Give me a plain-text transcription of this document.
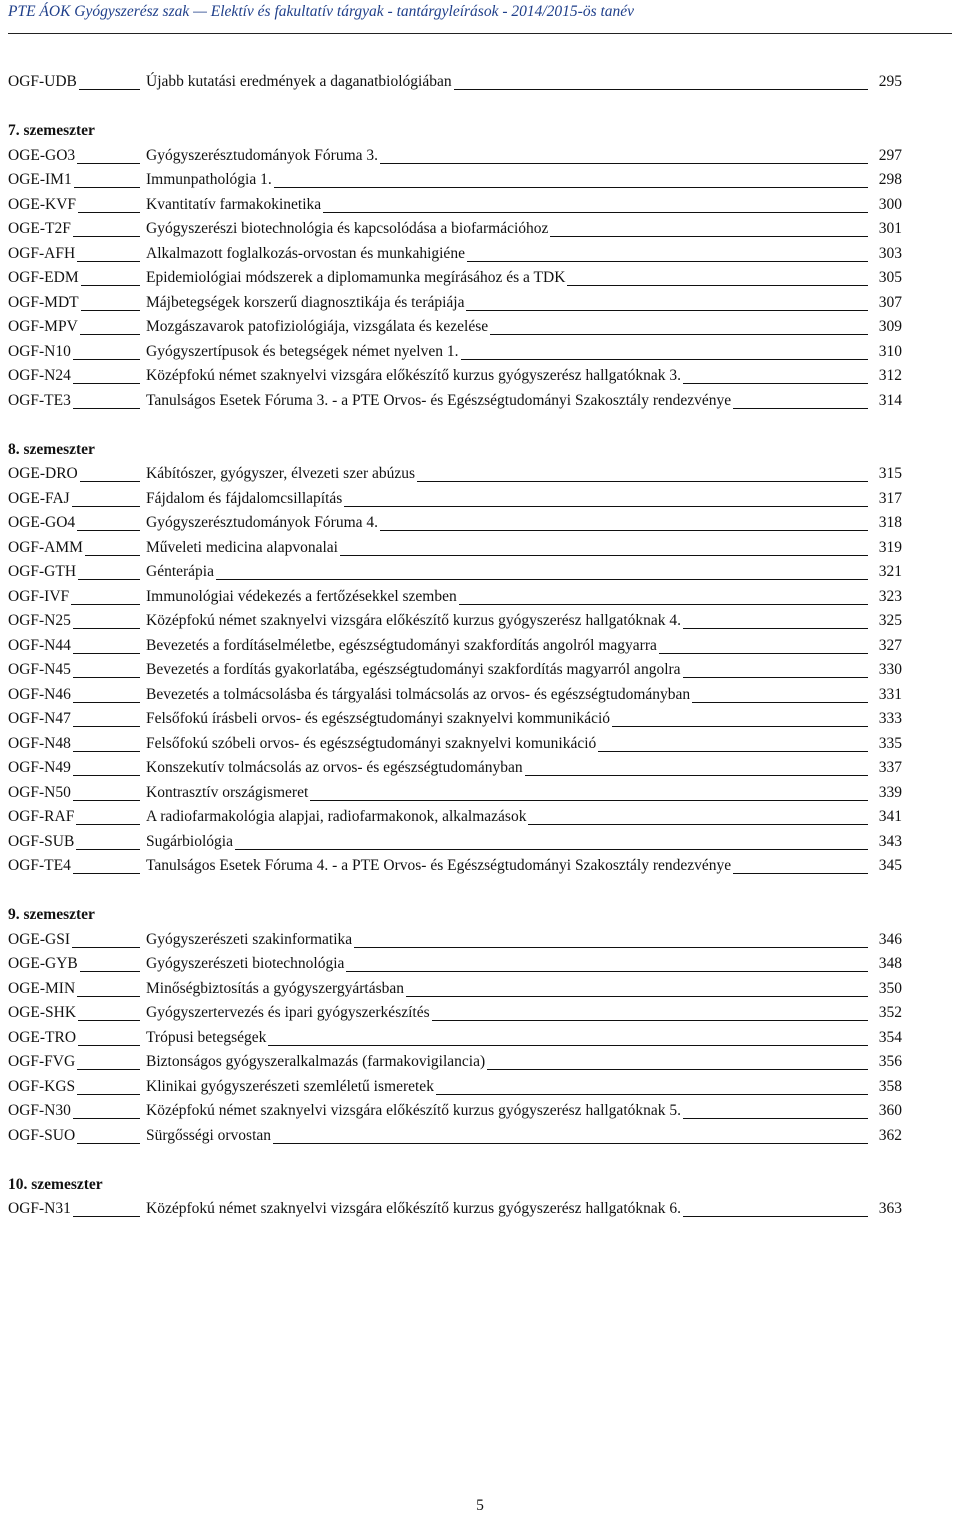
PTE ÁOK Gyógyszerész szak — Elektív és fakultatív tárgyak - tantárgyleírások - 2014/2015-ös tanév
OGF-UDB	Újabb kutatási eredmények a daganatbiológiában	295
7. szemeszter
OGE-GO3	Gyógyszerésztudományok Fóruma 3.	297
OGE-IM1	Immunpathológia 1.	298
OGE-KVF	Kvantitatív farmakokinetika	300
OGE-T2F	Gyógyszerészi biotechnológia és kapcsolódása a biofarmációhoz	301
OGF-AFH	Alkalmazott foglalkozás-orvostan és munkahigiéne	303
OGF-EDM	Epidemiológiai módszerek a diplomamunka megírásához és a TDK	305
OGF-MDT	Májbetegségek korszerű diagnosztikája és terápiája	307
OGF-MPV	Mozgászavarok patofiziológiája, vizsgálata és kezelése	309
OGF-N10	Gyógyszertípusok és betegségek német nyelven 1.	310
OGF-N24	Középfokú német szaknyelvi vizsgára előkészítő kurzus gyógyszerész hallgatóknak 3.	312
OGF-TE3	Tanulságos Esetek Fóruma 3. - a PTE Orvos- és Egészségtudományi Szakosztály rendezvénye	314
8. szemeszter
OGE-DRO	Kábítószer, gyógyszer, élvezeti szer abúzus	315
OGE-FAJ	Fájdalom és fájdalomcsillapítás	317
OGE-GO4	Gyógyszerésztudományok Fóruma 4.	318
OGF-AMM	Műveleti medicina alapvonalai	319
OGF-GTH	Génterápia	321
OGF-IVF	Immunológiai védekezés a fertőzésekkel szemben	323
OGF-N25	Középfokú német szaknyelvi vizsgára előkészítő kurzus gyógyszerész hallgatóknak 4.	325
OGF-N44	Bevezetés a fordításelméletbe, egészségtudományi szakfordítás angolról magyarra	327
OGF-N45	Bevezetés a fordítás gyakorlatába, egészségtudományi szakfordítás magyarról angolra	330
OGF-N46	Bevezetés a tolmácsolásba és tárgyalási tolmácsolás az orvos- és egészségtudományban	331
OGF-N47	Felsőfokú írásbeli orvos- és egészségtudományi szaknyelvi kommunikáció	333
OGF-N48	Felsőfokú szóbeli orvos- és egészségtudományi szaknyelvi komunikáció	335
OGF-N49	Konszekutív tolmácsolás az orvos- és egészségtudományban	337
OGF-N50	Kontrasztív országismeret	339
OGF-RAF	A radiofarmakológia alapjai, radiofarmakonok, alkalmazások	341
OGF-SUB	Sugárbiológia	343
OGF-TE4	Tanulságos Esetek Fóruma 4. - a PTE Orvos- és Egészségtudományi Szakosztály rendezvénye	345
9. szemeszter
OGE-GSI	Gyógyszerészeti szakinformatika	346
OGE-GYB	Gyógyszerészeti biotechnológia	348
OGE-MIN	Minőségbiztosítás a gyógyszergyártásban	350
OGE-SHK	Gyógyszertervezés és ipari gyógyszerkészítés	352
OGE-TRO	Trópusi betegségek	354
OGF-FVG	Biztonságos gyógyszeralkalmazás (farmakovigilancia)	356
OGF-KGS	Klinikai gyógyszerészeti szemléletű ismeretek	358
OGF-N30	Középfokú német szaknyelvi vizsgára előkészítő kurzus gyógyszerész hallgatóknak 5.	360
OGF-SUO	Sürgősségi orvostan	362
10. szemeszter
OGF-N31	Középfokú német szaknyelvi vizsgára előkészítő kurzus gyógyszerész hallgatóknak 6.	363
5
